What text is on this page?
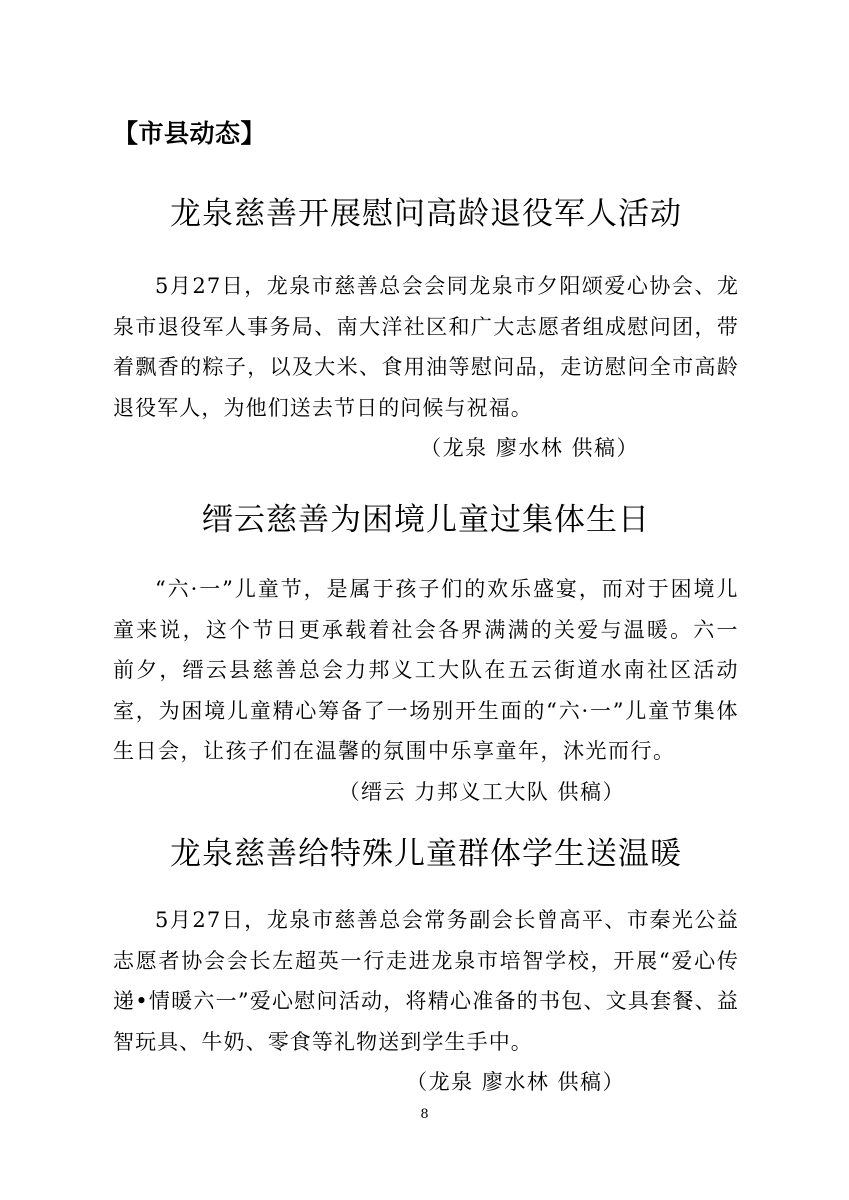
【市县动态】
龙泉慈善开展慰问高龄退役军人活动

5月27日，龙泉市慈善总会会同龙泉市夕阳颂爱心协会、龙泉市退役军人事务局、南大洋社区和广大志愿者组成慰问团，带着飘香的粽子，以及大米、食用油等慰问品，走访慰问全市高龄退役军人，为他们送去节日的问候与祝福。

（龙泉 廖水林 供稿）

缙云慈善为困境儿童过集体生日

“六·一”儿童节，是属于孩子们的欢乐盛宴，而对于困境儿童来说，这个节日更承载着社会各界满满的关爱与温暖。六一前夕，缙云县慈善总会力邦义工大队在五云街道水南社区活动室，为困境儿童精心筹备了一场别开生面的“六·一”儿童节集体生日会，让孩子们在温馨的氛围中乐享童年，沐光而行。

（缙云 力邦义工大队 供稿）

龙泉慈善给特殊儿童群体学生送温暖

5月27日，龙泉市慈善总会常务副会长曾高平、市秦光公益志愿者协会会长左超英一行走进龙泉市培智学校，开展“爱心传递•情暖六一”爱心慰问活动，将精心准备的书包、文具套餐、益智玩具、牛奶、零食等礼物送到学生手中。

（龙泉 廖水林 供稿）

8
